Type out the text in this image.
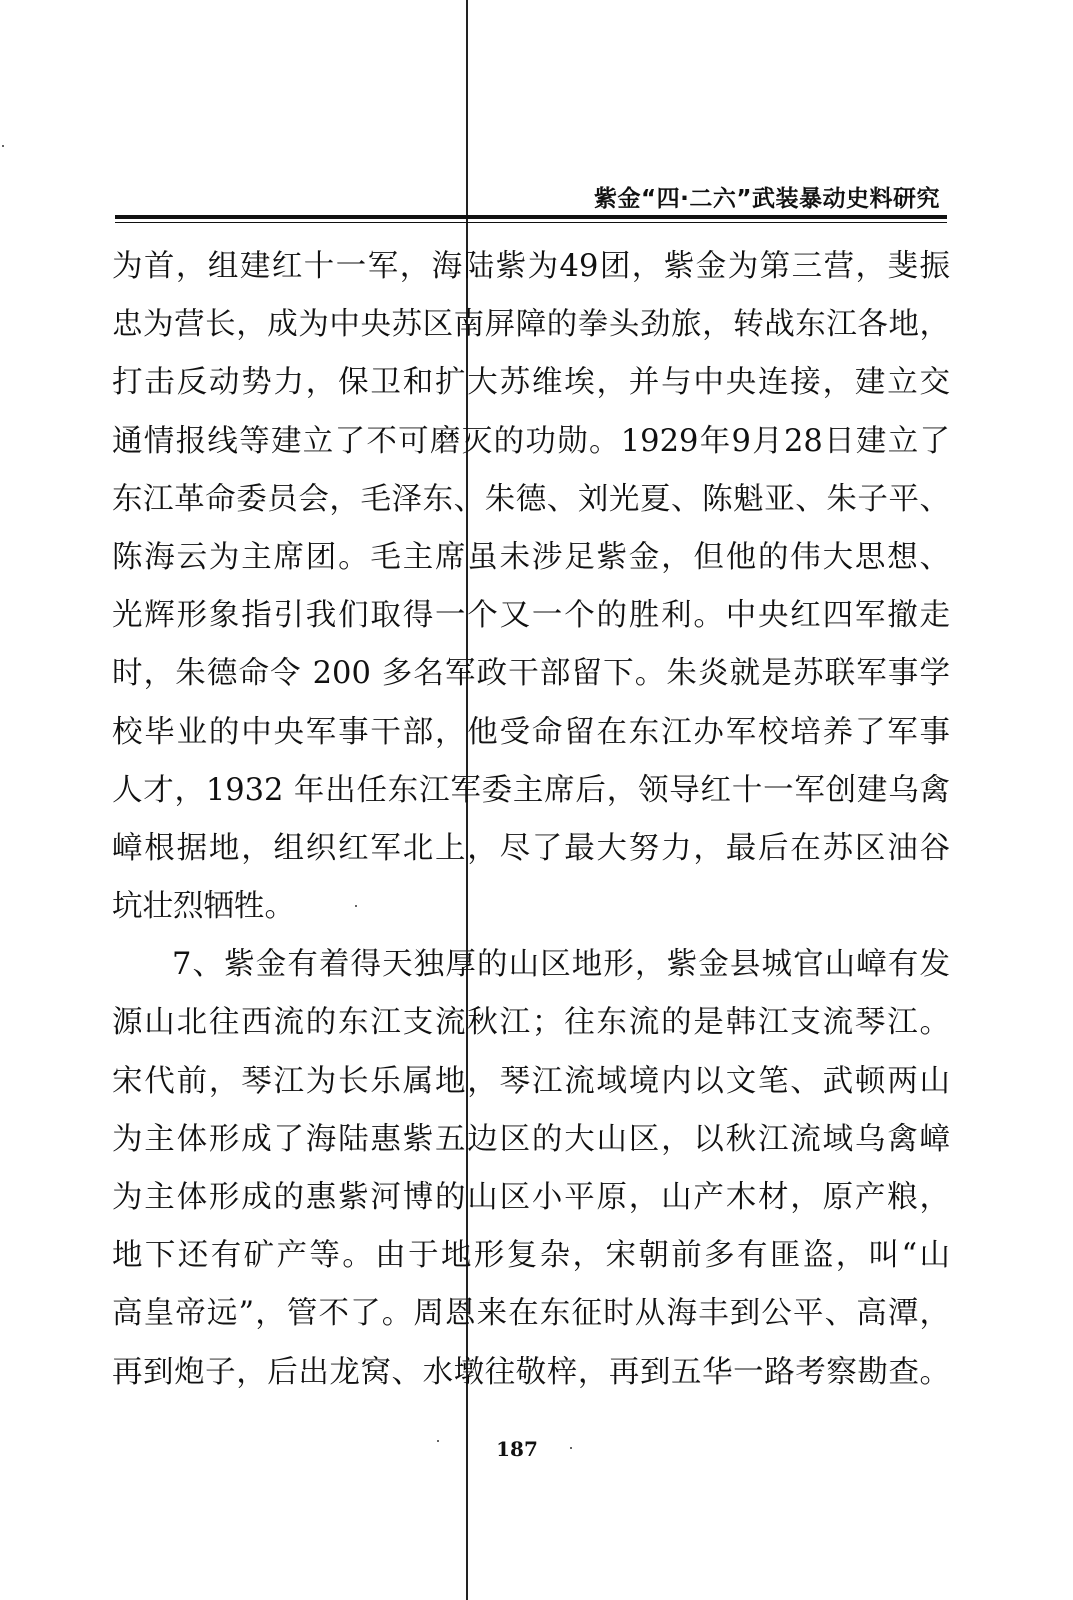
紫金“四·二六”武装暴动史料研究
为首，组建红十一军，海陆紫为49团，紫金为第三营，斐振
忠为营长，成为中央苏区南屏障的拳头劲旅，转战东江各地，
打击反动势力，保卫和扩大苏维埃，并与中央连接，建立交
通情报线等建立了不可磨灭的功勋。1929年9月28日建立了
东江革命委员会，毛泽东、朱德、刘光夏、陈魁亚、朱子平、
陈海云为主席团。毛主席虽未涉足紫金，但他的伟大思想、
光辉形象指引我们取得一个又一个的胜利。中央红四军撤走
时，朱德命令 200 多名军政干部留下。朱炎就是苏联军事学
校毕业的中央军事干部，他受命留在东江办军校培养了军事
人才，1932 年出任东江军委主席后，领导红十一军创建乌禽
嶂根据地，组织红军北上，尽了最大努力，最后在苏区油谷
坑壮烈牺牲。
7、紫金有着得天独厚的山区地形，紫金县城官山嶂有发
源山北往西流的东江支流秋江；往东流的是韩江支流琴江。
宋代前，琴江为长乐属地，琴江流域境内以文笔、武顿两山
为主体形成了海陆惠紫五边区的大山区，以秋江流域乌禽嶂
为主体形成的惠紫河博的山区小平原，山产木材，原产粮，
地下还有矿产等。由于地形复杂，宋朝前多有匪盗，叫“山
高皇帝远”，管不了。周恩来在东征时从海丰到公平、高潭，
再到炮子，后出龙窝、水墩往敬梓，再到五华一路考察勘查。
187
